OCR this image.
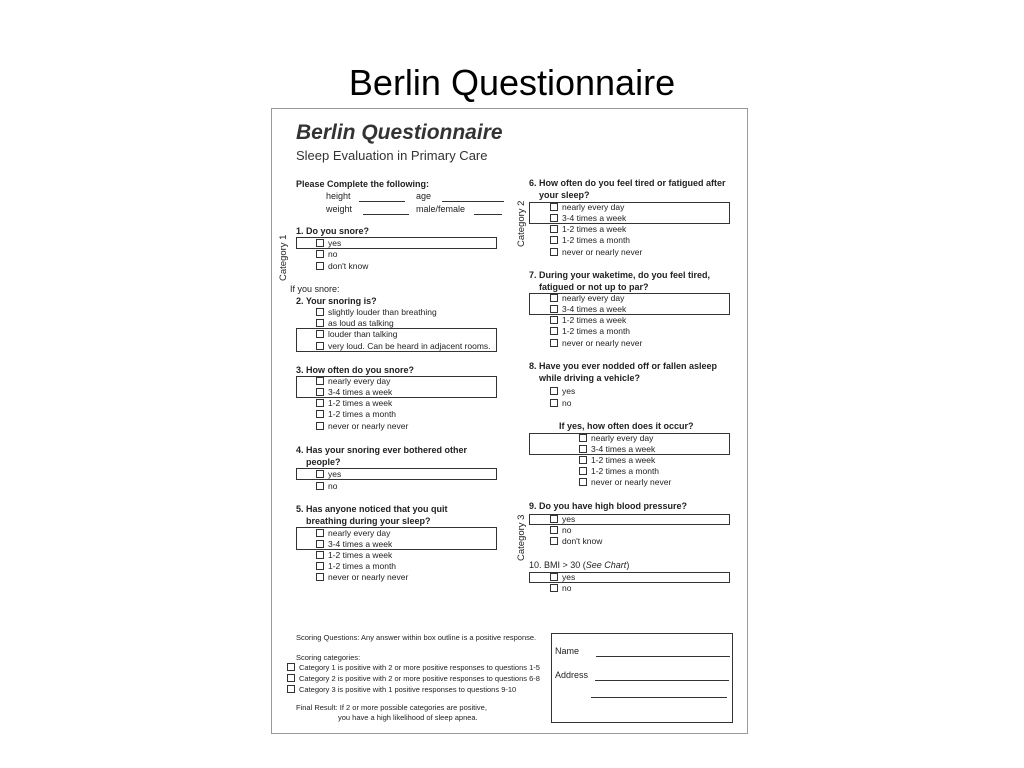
Berlin Questionnaire
Berlin Questionnaire
Sleep Evaluation in Primary Care
Please Complete the following:
height	age
weight	male/female
Category 1
Category 2
Category 3
1. Do you snore?
yes
no
don't know
If you snore:
2. Your snoring is?
slightly louder than breathing
as loud as talking
louder than talking
very loud. Can be heard in adjacent rooms.
3. How often do you snore?
nearly every day
3-4 times a week
1-2 times a week
1-2 times a month
never or nearly never
4. Has your snoring ever bothered other
people?
yes
no
5. Has anyone noticed that you quit
breathing during your sleep?
nearly every day
3-4 times a week
1-2 times a week
1-2 times a month
never or nearly never
6. How often do you feel tired or fatigued after
your sleep?
nearly every day
3-4 times a week
1-2 times a week
1-2 times a month
never or nearly never
7. During your waketime, do you feel tired,
fatigued or not up to par?
nearly every day
3-4 times a week
1-2 times a week
1-2 times a month
never or nearly never
8. Have you ever nodded off or fallen asleep
while driving a vehicle?
yes
no
If yes, how often does it occur?
nearly every day
3-4 times a week
1-2 times a week
1-2 times a month
never or nearly never
9. Do you have high blood pressure?
yes
no
don't know
10. BMI > 30 (See Chart)
yes
no
Scoring Questions: Any answer within box outline is a positive response.
Scoring categories:
Category 1 is positive with 2 or more positive responses to questions 1-5
Category 2 is positive with 2 or more positive responses to questions 6-8
Category 3 is positive with 1 positive responses to questions 9-10
Final Result: If 2 or more possible categories are positive,
you have a high likelihood of sleep apnea.
Name
Address
